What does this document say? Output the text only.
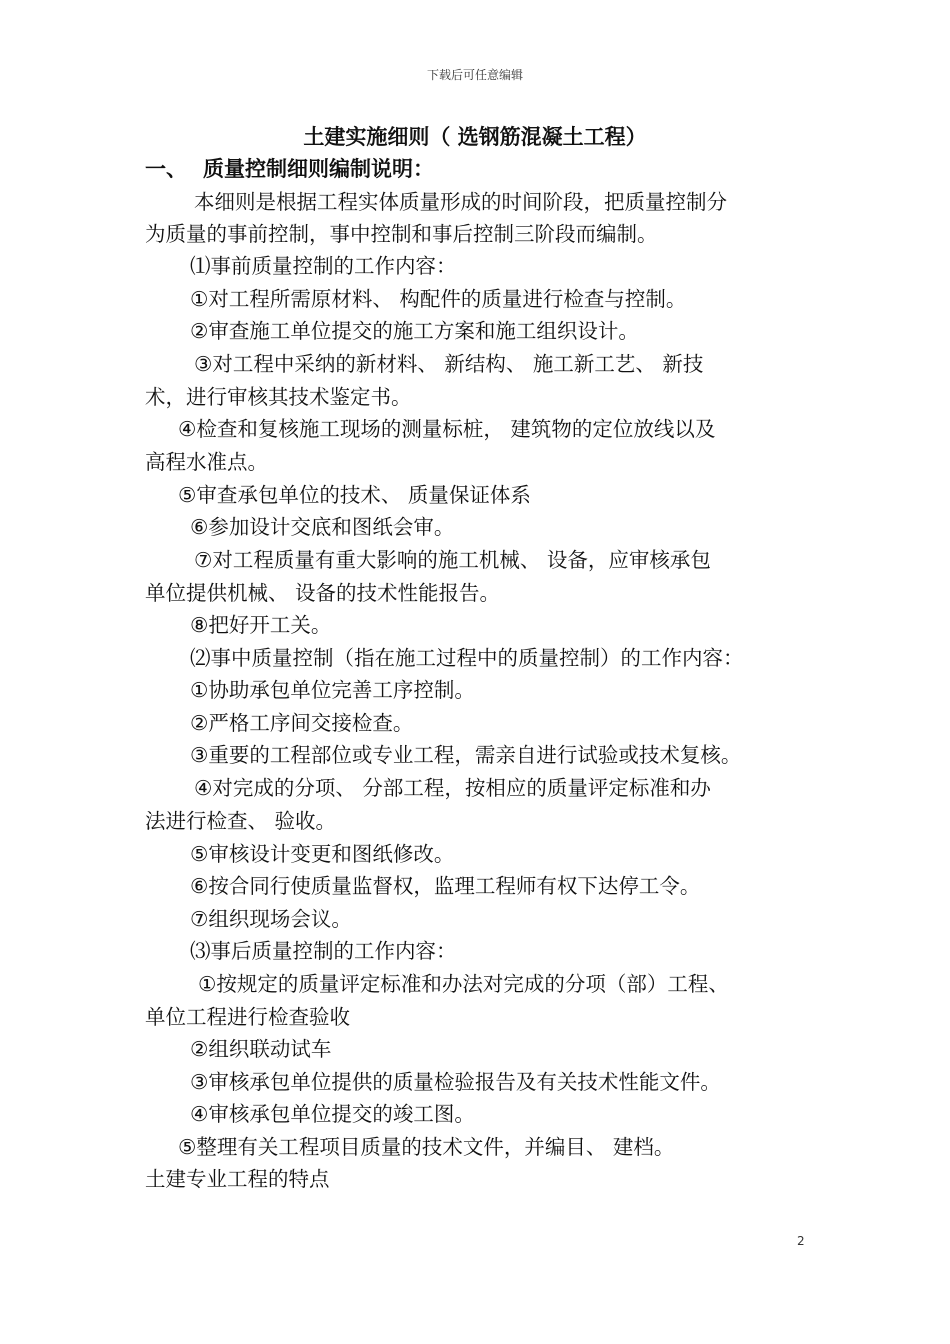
下载后可任意编辑
土建实施细则（ 选钢筋混凝土工程）
一、 质量控制细则编制说明：
本细则是根据工程实体质量形成的时间阶段，把质量控制分
为质量的事前控制，事中控制和事后控制三阶段而编制。
⑴事前质量控制的工作内容：
①对工程所需原材料、 构配件的质量进行检查与控制。
②审查施工单位提交的施工方案和施工组织设计。
③对工程中采纳的新材料、 新结构、 施工新工艺、 新技
术，进行审核其技术鉴定书。
④检查和复核施工现场的测量标桩， 建筑物的定位放线以及
高程水准点。
⑤审查承包单位的技术、 质量保证体系
⑥参加设计交底和图纸会审。
⑦对工程质量有重大影响的施工机械、 设备，应审核承包
单位提供机械、 设备的技术性能报告。
⑧把好开工关。
⑵事中质量控制（指在施工过程中的质量控制）的工作内容：
①协助承包单位完善工序控制。
②严格工序间交接检查。
③重要的工程部位或专业工程，需亲自进行试验或技术复核。
④对完成的分项、 分部工程，按相应的质量评定标准和办
法进行检查、 验收。
⑤审核设计变更和图纸修改。
⑥按合同行使质量监督权，监理工程师有权下达停工令。
⑦组织现场会议。
⑶事后质量控制的工作内容：
①按规定的质量评定标准和办法对完成的分项（部）工程、
单位工程进行检查验收
②组织联动试车
③审核承包单位提供的质量检验报告及有关技术性能文件。
④审核承包单位提交的竣工图。
⑤整理有关工程项目质量的技术文件，并编目、 建档。
土建专业工程的特点
2
